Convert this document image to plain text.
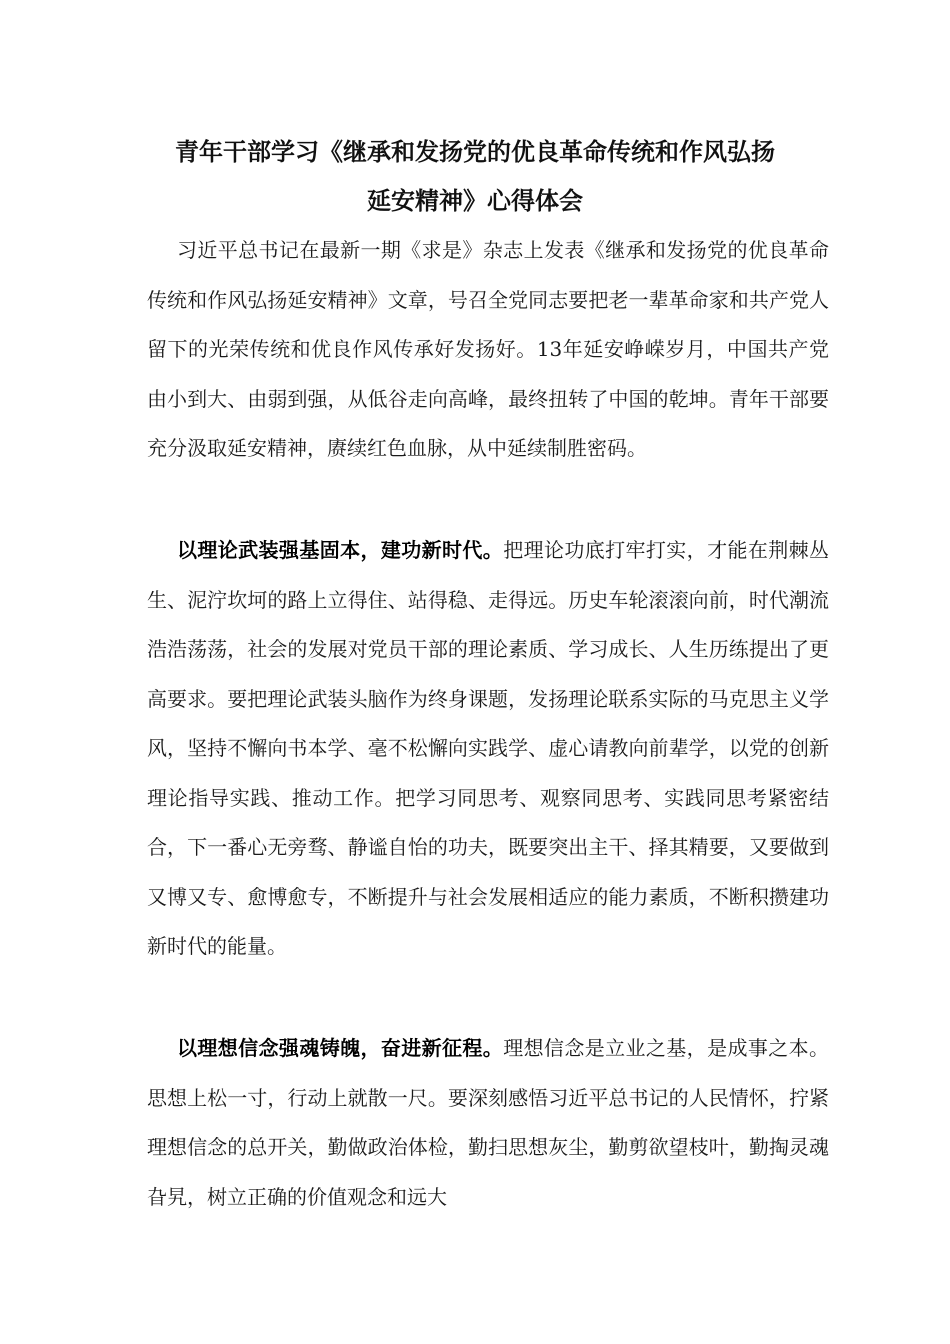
青年干部学习《继承和发扬党的优良革命传统和作风弘扬
延安精神》心得体会

习近平总书记在最新一期《求是》杂志上发表《继承和发扬党的优良革命传统和作风弘扬延安精神》文章，号召全党同志要把老一辈革命家和共产党人留下的光荣传统和优良作风传承好发扬好。13年延安峥嵘岁月，中国共产党由小到大、由弱到强，从低谷走向高峰，最终扭转了中国的乾坤。青年干部要充分汲取延安精神，赓续红色血脉，从中延续制胜密码。

以理论武装强基固本，建功新时代。把理论功底打牢打实，才能在荆棘丛生、泥泞坎坷的路上立得住、站得稳、走得远。历史车轮滚滚向前，时代潮流浩浩荡荡，社会的发展对党员干部的理论素质、学习成长、人生历练提出了更高要求。要把理论武装头脑作为终身课题，发扬理论联系实际的马克思主义学风，坚持不懈向书本学、毫不松懈向实践学、虚心请教向前辈学，以党的创新理论指导实践、推动工作。把学习同思考、观察同思考、实践同思考紧密结合，下一番心无旁骛、静谧自怡的功夫，既要突出主干、择其精要，又要做到又博又专、愈博愈专，不断提升与社会发展相适应的能力素质，不断积攒建功新时代的能量。

以理想信念强魂铸魄，奋进新征程。理想信念是立业之基，是成事之本。思想上松一寸，行动上就散一尺。要深刻感悟习近平总书记的人民情怀，拧紧理想信念的总开关，勤做政治体检，勤扫思想灰尘，勤剪欲望枝叶，勤掏灵魂旮旯，树立正确的价值观念和远大
